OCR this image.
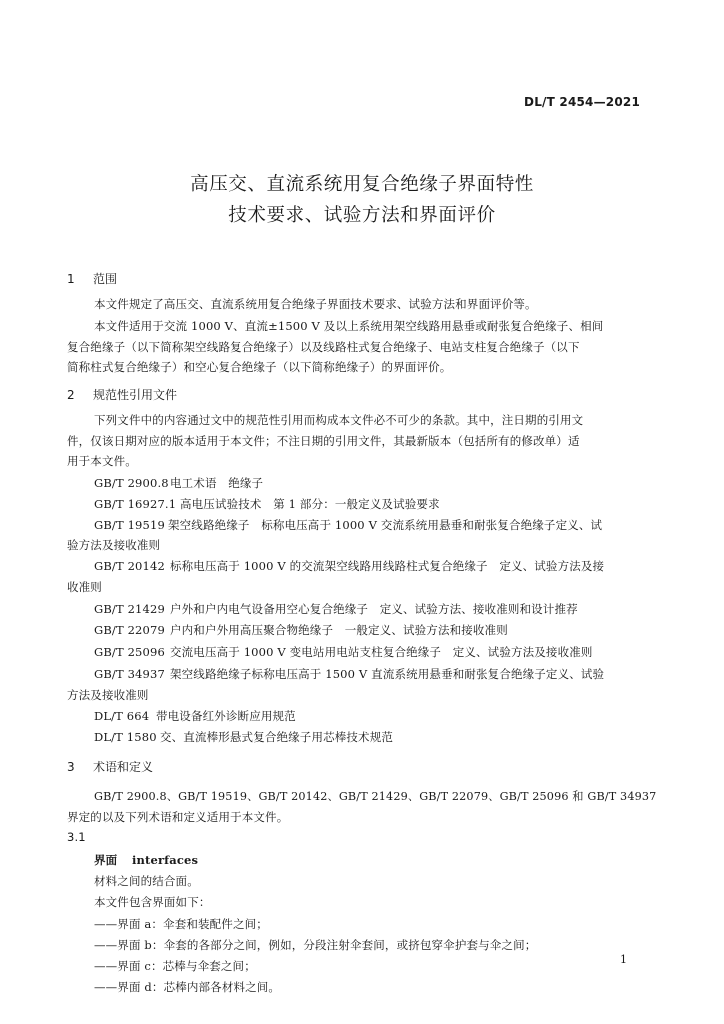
DL/T 2454—2021
高压交、直流系统用复合绝缘子界面特性
技术要求、试验方法和界面评价
1 范围
本文件规定了高压交、直流系统用复合绝缘子界面技术要求、试验方法和界面评价等。
本文件适用于交流 1000 V、直流±1500 V 及以上系统用架空线路用悬垂或耐张复合绝缘子、相间
复合绝缘子（以下简称架空线路复合绝缘子）以及线路柱式复合绝缘子、电站支柱复合绝缘子（以下
简称柱式复合绝缘子）和空心复合绝缘子（以下简称绝缘子）的界面评价。
2 规范性引用文件
下列文件中的内容通过文中的规范性引用而构成本文件必不可少的条款。其中，注日期的引用文
件，仅该日期对应的版本适用于本文件；不注日期的引用文件，其最新版本（包括所有的修改单）适
用于本文件。
GB/T 2900.8电工术语　绝缘子
GB/T 16927.1 高电压试验技术　第 1 部分：一般定义及试验要求
GB/T 19519 架空线路绝缘子　标称电压高于 1000 V 交流系统用悬垂和耐张复合绝缘子定义、试
验方法及接收准则
GB/T 20142 标称电压高于 1000 V 的交流架空线路用线路柱式复合绝缘子　定义、试验方法及接
收准则
GB/T 21429 户外和户内电气设备用空心复合绝缘子　定义、试验方法、接收准则和设计推荐
GB/T 22079 户内和户外用高压聚合物绝缘子　一般定义、试验方法和接收准则
GB/T 25096 交流电压高于 1000 V 变电站用电站支柱复合绝缘子　定义、试验方法及接收准则
GB/T 34937 架空线路绝缘子标称电压高于 1500 V 直流系统用悬垂和耐张复合绝缘子定义、试验
方法及接收准则
DL/T 664 带电设备红外诊断应用规范
DL/T 1580 交、直流棒形悬式复合绝缘子用芯棒技术规范
3 术语和定义
GB/T 2900.8、GB/T 19519、GB/T 20142、GB/T 21429、GB/T 22079、GB/T 25096 和 GB/T 34937
界定的以及下列术语和定义适用于本文件。
3.1
界面 interfaces
材料之间的结合面。
本文件包含界面如下：
——界面 a：伞套和装配件之间；
——界面 b：伞套的各部分之间，例如，分段注射伞套间，或挤包穿伞护套与伞之间；
——界面 c：芯棒与伞套之间；
——界面 d：芯棒内部各材料之间。
1
